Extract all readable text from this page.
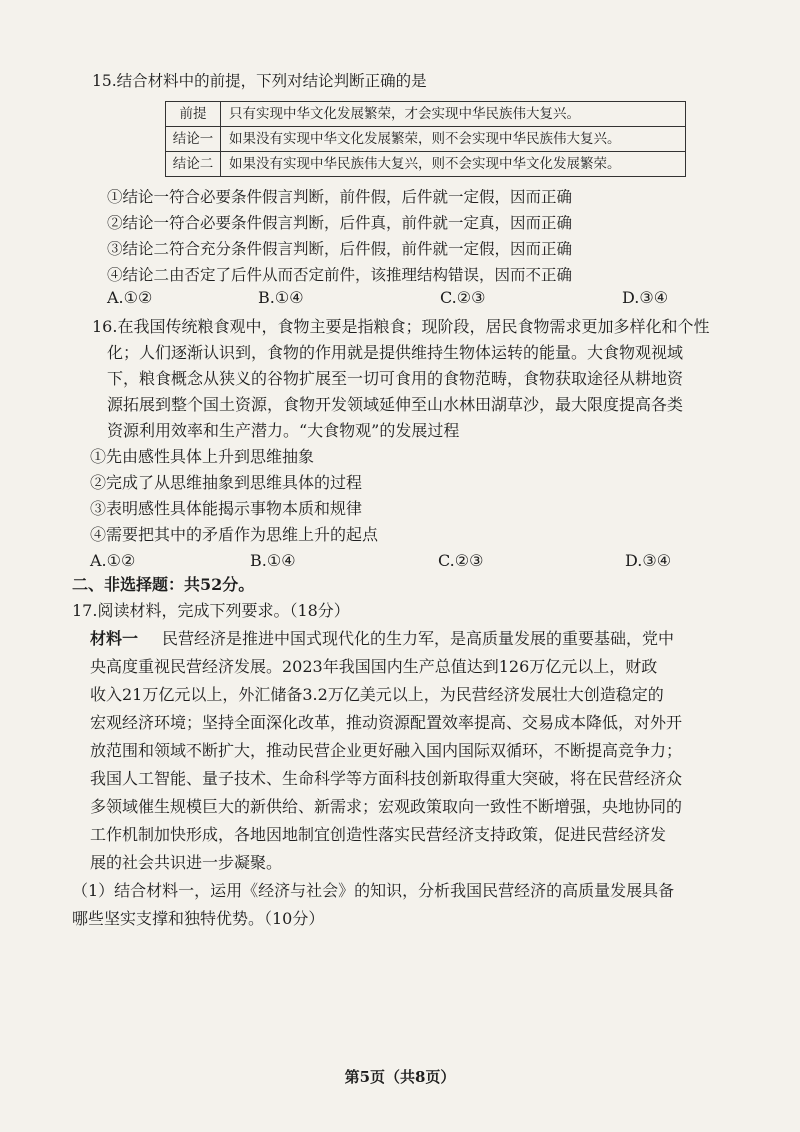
15.结合材料中的前提，下列对结论判断正确的是
前提	只有实现中华文化发展繁荣，才会实现中华民族伟大复兴。
结论一	如果没有实现中华文化发展繁荣，则不会实现中华民族伟大复兴。
结论二	如果没有实现中华民族伟大复兴，则不会实现中华文化发展繁荣。
①结论一符合必要条件假言判断，前件假，后件就一定假，因而正确
②结论一符合必要条件假言判断，后件真，前件就一定真，因而正确
③结论二符合充分条件假言判断，后件假，前件就一定假，因而正确
④结论二由否定了后件从而否定前件，该推理结构错误，因而不正确
A.①②	B.①④	C.②③	D.③④
16.在我国传统粮食观中，食物主要是指粮食；现阶段，居民食物需求更加多样化和个性
化；人们逐渐认识到，食物的作用就是提供维持生物体运转的能量。大食物观视域
下，粮食概念从狭义的谷物扩展至一切可食用的食物范畴，食物获取途径从耕地资
源拓展到整个国土资源，食物开发领域延伸至山水林田湖草沙，最大限度提高各类
资源利用效率和生产潜力。“大食物观”的发展过程
①先由感性具体上升到思维抽象
②完成了从思维抽象到思维具体的过程
③表明感性具体能揭示事物本质和规律
④需要把其中的矛盾作为思维上升的起点
A.①②	B.①④	C.②③	D.③④
二、非选择题：共52分。
17.阅读材料，完成下列要求。（18分）
材料一 民营经济是推进中国式现代化的生力军，是高质量发展的重要基础，党中
央高度重视民营经济发展。2023年我国国内生产总值达到126万亿元以上，财政
收入21万亿元以上，外汇储备3.2万亿美元以上，为民营经济发展壮大创造稳定的
宏观经济环境；坚持全面深化改革，推动资源配置效率提高、交易成本降低，对外开
放范围和领域不断扩大，推动民营企业更好融入国内国际双循环，不断提高竞争力；
我国人工智能、量子技术、生命科学等方面科技创新取得重大突破，将在民营经济众
多领域催生规模巨大的新供给、新需求；宏观政策取向一致性不断增强，央地协同的
工作机制加快形成，各地因地制宜创造性落实民营经济支持政策，促进民营经济发
展的社会共识进一步凝聚。
（1）结合材料一，运用《经济与社会》的知识，分析我国民营经济的高质量发展具备
哪些坚实支撑和独特优势。（10分）
第5页（共8页）
